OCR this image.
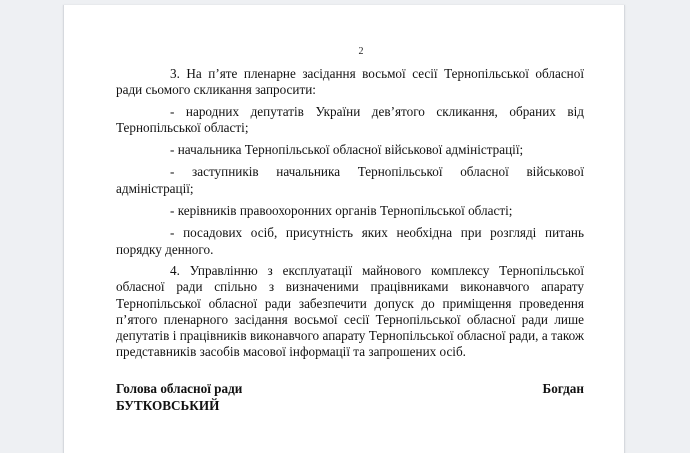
2

3. На п’яте пленарне засідання восьмої сесії Тернопільської обласної ради сьомого скликання запросити:

- народних депутатів України дев’ятого скликання, обраних від Тернопільської області;

- начальника Тернопільської обласної військової адміністрації;

- заступників начальника Тернопільської обласної військової адміністрації;

- керівників правоохоронних органів Тернопільської області;

- посадових осіб, присутність яких необхідна при розгляді питань порядку денного.

4. Управлінню з експлуатації майнового комплексу Тернопільської обласної ради спільно з визначеними працівниками виконавчого апарату Тернопільської обласної ради забезпечити допуск до приміщення проведення п’ятого пленарного засідання восьмої сесії Тернопільської обласної ради лише депутатів і працівників виконавчого апарату Тернопільської обласної ради, а також представників засобів масової інформації та запрошених осіб.

Голова обласної ради	Богдан
БУТКОВСЬКИЙ
